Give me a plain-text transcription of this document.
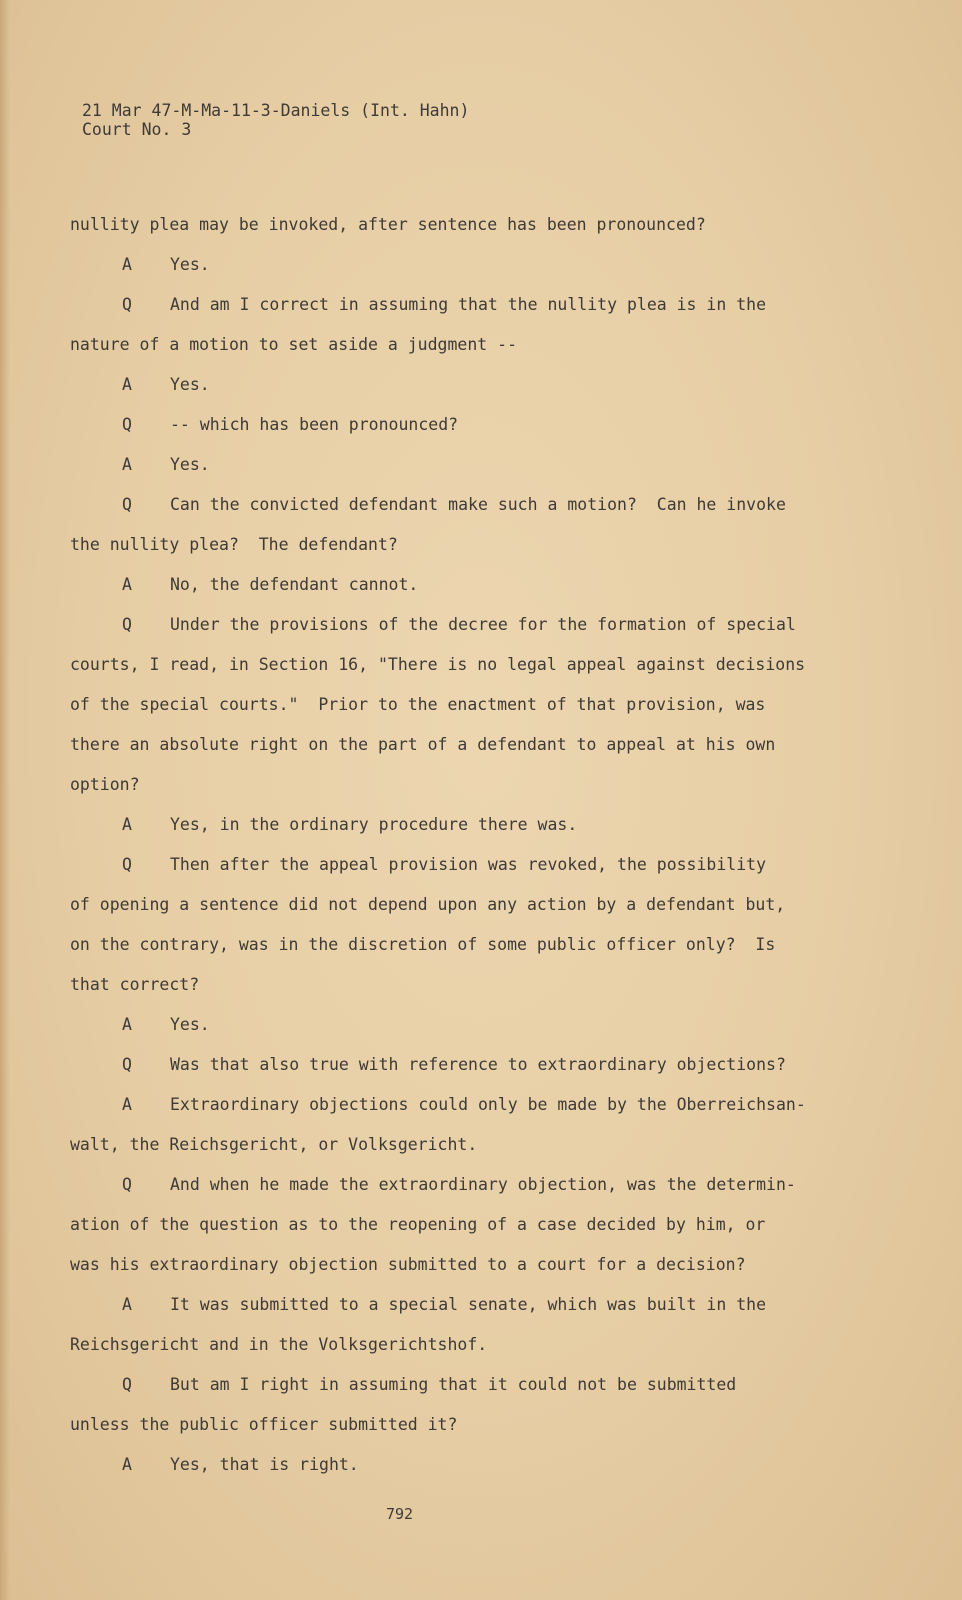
21 Mar 47-M-Ma-11-3-Daniels (Int. Hahn)
Court No. 3
nullity plea may be invoked, after sentence has been pronounced?
A Yes.
Q And am I correct in assuming that the nullity plea is in the
nature of a motion to set aside a judgment --
A Yes.
Q -- which has been pronounced?
A Yes.
Q Can the convicted defendant make such a motion?  Can he invoke
the nullity plea?  The defendant?
A No, the defendant cannot.
Q Under the provisions of the decree for the formation of special
courts, I read, in Section 16, "There is no legal appeal against decisions
of the special courts."  Prior to the enactment of that provision, was
there an absolute right on the part of a defendant to appeal at his own
option?
A Yes, in the ordinary procedure there was.
Q Then after the appeal provision was revoked, the possibility
of opening a sentence did not depend upon any action by a defendant but,
on the contrary, was in the discretion of some public officer only?  Is
that correct?
A Yes.
Q Was that also true with reference to extraordinary objections?
A Extraordinary objections could only be made by the Oberreichsan-
walt, the Reichsgericht, or Volksgericht.
Q And when he made the extraordinary objection, was the determin-
ation of the question as to the reopening of a case decided by him, or
was his extraordinary objection submitted to a court for a decision?
A It was submitted to a special senate, which was built in the
Reichsgericht and in the Volksgerichtshof.
Q But am I right in assuming that it could not be submitted
unless the public officer submitted it?
A Yes, that is right.
792
